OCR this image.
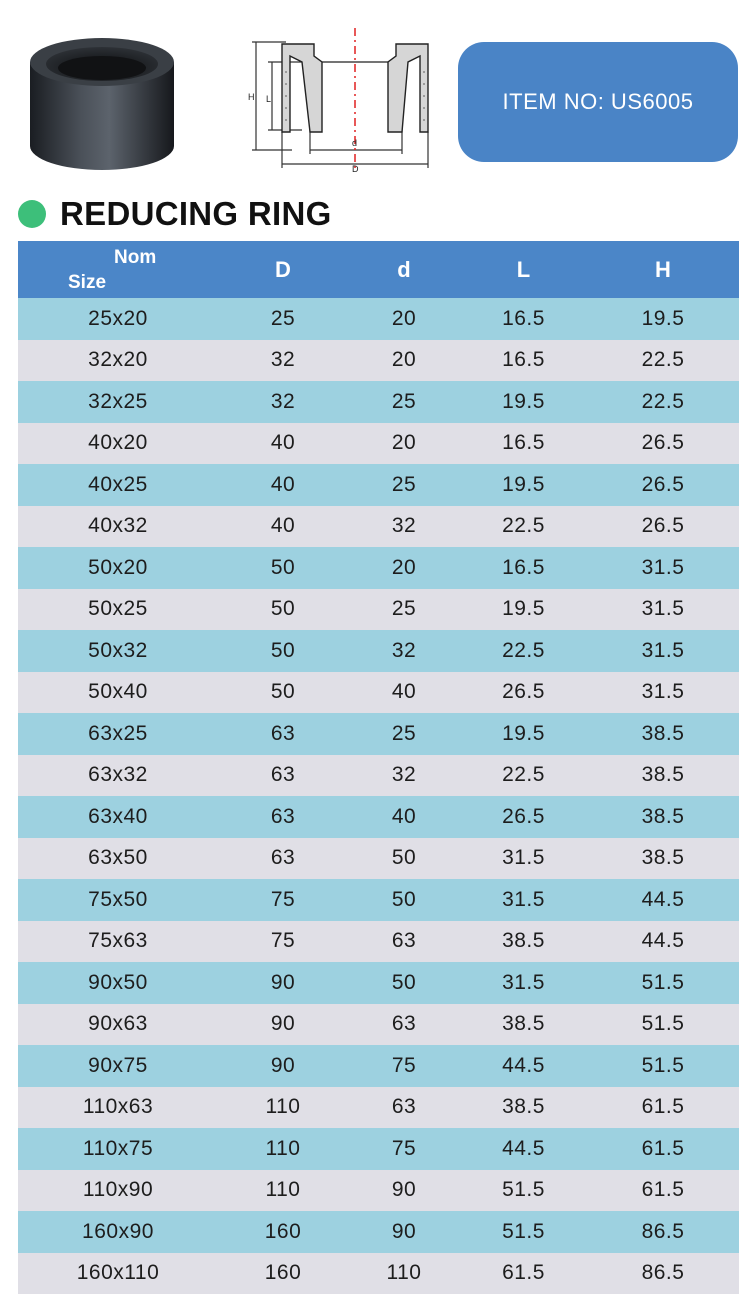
H L
d
D
ITEM NO: US6005
REDUCING RING
Nom
Size
D	d	L	H
25x20	25	20	16.5	19.5
32x20	32	20	16.5	22.5
32x25	32	25	19.5	22.5
40x20	40	20	16.5	26.5
40x25	40	25	19.5	26.5
40x32	40	32	22.5	26.5
50x20	50	20	16.5	31.5
50x25	50	25	19.5	31.5
50x32	50	32	22.5	31.5
50x40	50	40	26.5	31.5
63x25	63	25	19.5	38.5
63x32	63	32	22.5	38.5
63x40	63	40	26.5	38.5
63x50	63	50	31.5	38.5
75x50	75	50	31.5	44.5
75x63	75	63	38.5	44.5
90x50	90	50	31.5	51.5
90x63	90	63	38.5	51.5
90x75	90	75	44.5	51.5
110x63	110	63	38.5	61.5
110x75	110	75	44.5	61.5
110x90	110	90	51.5	61.5
160x90	160	90	51.5	86.5
160x110	160	110	61.5	86.5
